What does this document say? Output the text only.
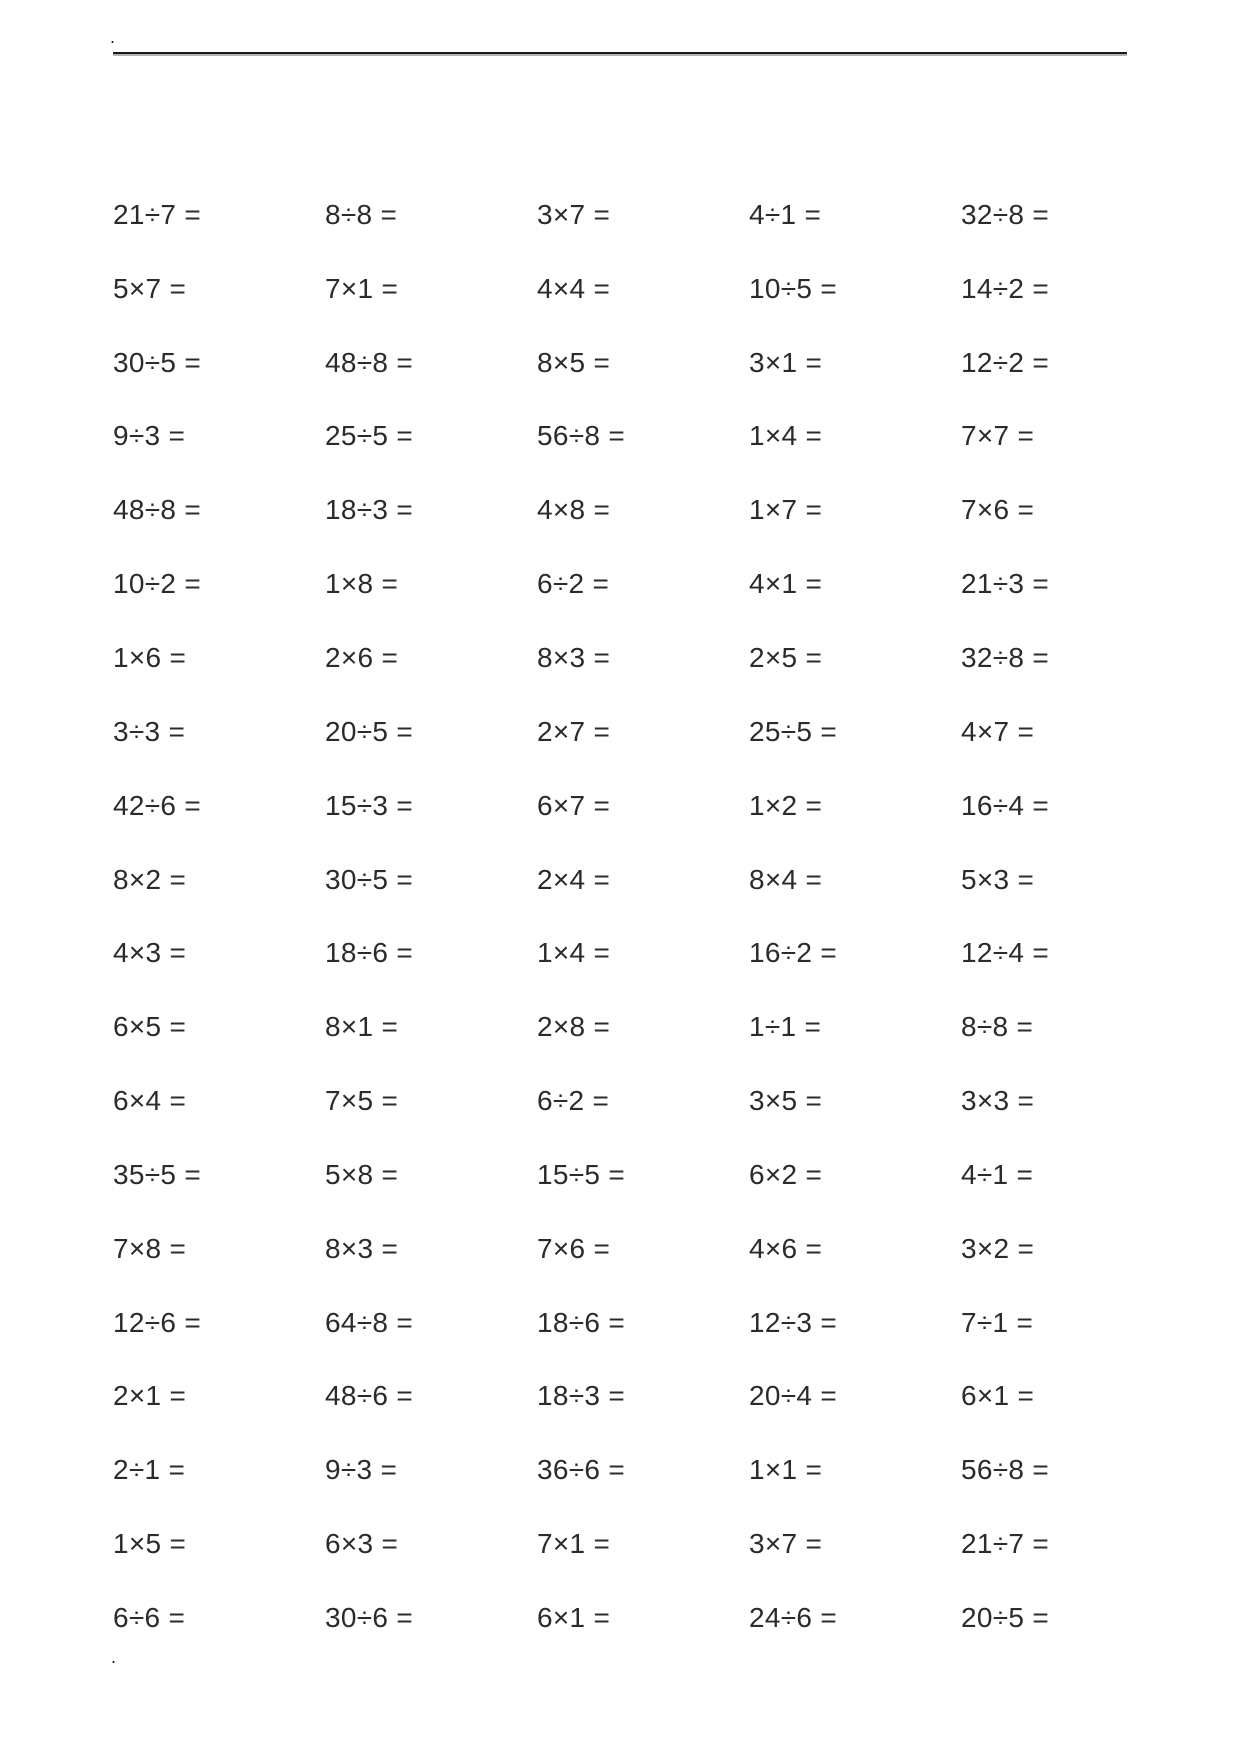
.
21÷7 =	8÷8 =	3×7 =	4÷1 =	32÷8 =
5×7 =	7×1 =	4×4 =	10÷5 =	14÷2 =
30÷5 =	48÷8 =	8×5 =	3×1 =	12÷2 =
9÷3 =	25÷5 =	56÷8 =	1×4 =	7×7 =
48÷8 =	18÷3 =	4×8 =	1×7 =	7×6 =
10÷2 =	1×8 =	6÷2 =	4×1 =	21÷3 =
1×6 =	2×6 =	8×3 =	2×5 =	32÷8 =
3÷3 =	20÷5 =	2×7 =	25÷5 =	4×7 =
42÷6 =	15÷3 =	6×7 =	1×2 =	16÷4 =
8×2 =	30÷5 =	2×4 =	8×4 =	5×3 =
4×3 =	18÷6 =	1×4 =	16÷2 =	12÷4 =
6×5 =	8×1 =	2×8 =	1÷1 =	8÷8 =
6×4 =	7×5 =	6÷2 =	3×5 =	3×3 =
35÷5 =	5×8 =	15÷5 =	6×2 =	4÷1 =
7×8 =	8×3 =	7×6 =	4×6 =	3×2 =
12÷6 =	64÷8 =	18÷6 =	12÷3 =	7÷1 =
2×1 =	48÷6 =	18÷3 =	20÷4 =	6×1 =
2÷1 =	9÷3 =	36÷6 =	1×1 =	56÷8 =
1×5 =	6×3 =	7×1 =	3×7 =	21÷7 =
6÷6 =	30÷6 =	6×1 =	24÷6 =	20÷5 =
.
